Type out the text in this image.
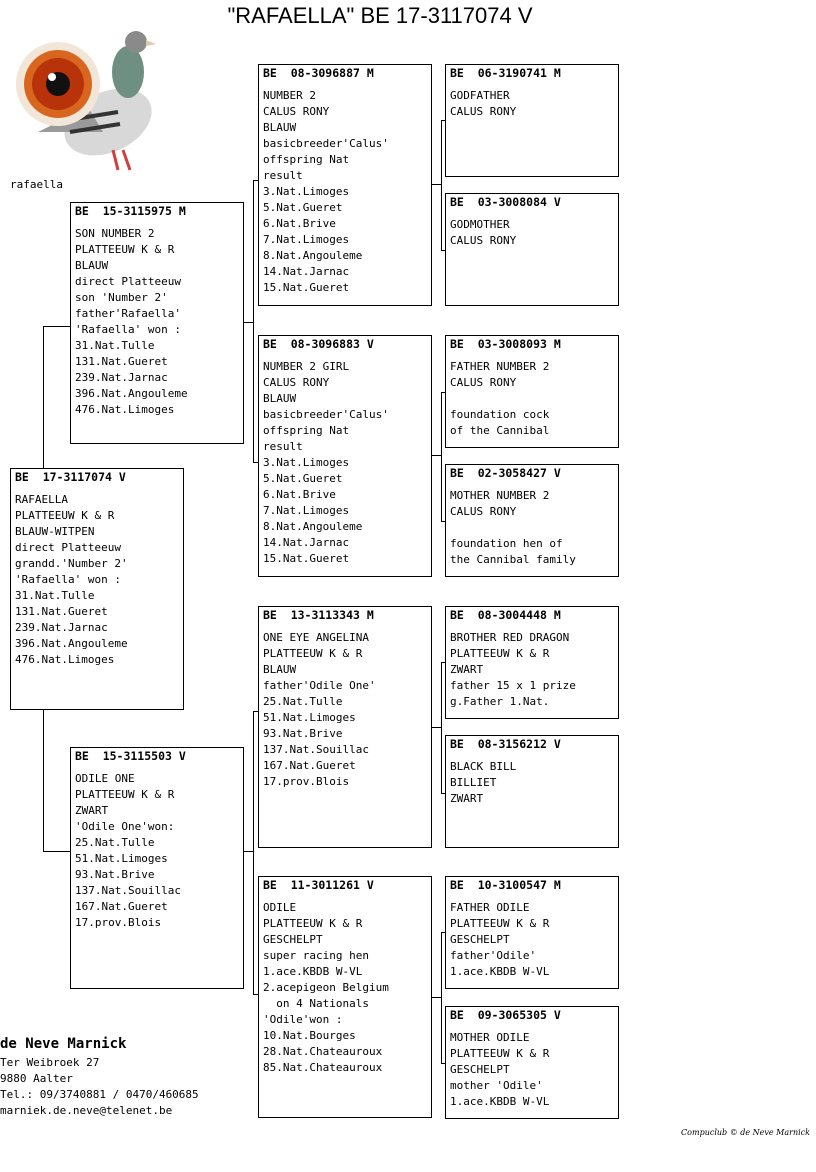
"RAFAELLA" BE 17-3117074 V
rafaella
BE  17-3117074 V
RAFAELLA
PLATTEEUW K & R
BLAUW-WITPEN
direct Platteeuw
grandd.'Number 2'
'Rafaella' won :
31.Nat.Tulle
131.Nat.Gueret
239.Nat.Jarnac
396.Nat.Angouleme
476.Nat.Limoges
BE  15-3115975 M
SON NUMBER 2
PLATTEEUW K & R
BLAUW
direct Platteeuw
son 'Number 2'
father'Rafaella'
'Rafaella' won :
31.Nat.Tulle
131.Nat.Gueret
239.Nat.Jarnac
396.Nat.Angouleme
476.Nat.Limoges
BE  15-3115503 V
ODILE ONE
PLATTEEUW K & R
ZWART
'Odile One'won:
25.Nat.Tulle
51.Nat.Limoges
93.Nat.Brive
137.Nat.Souillac
167.Nat.Gueret
17.prov.Blois
BE  08-3096887 M
NUMBER 2
CALUS RONY
BLAUW
basicbreeder'Calus'
offspring Nat
result
3.Nat.Limoges
5.Nat.Gueret
6.Nat.Brive
7.Nat.Limoges
8.Nat.Angouleme
14.Nat.Jarnac
15.Nat.Gueret
BE  08-3096883 V
NUMBER 2 GIRL
CALUS RONY
BLAUW
basicbreeder'Calus'
offspring Nat
result
3.Nat.Limoges
5.Nat.Gueret
6.Nat.Brive
7.Nat.Limoges
8.Nat.Angouleme
14.Nat.Jarnac
15.Nat.Gueret
BE  13-3113343 M
ONE EYE ANGELINA
PLATTEEUW K & R
BLAUW
father'Odile One'
25.Nat.Tulle
51.Nat.Limoges
93.Nat.Brive
137.Nat.Souillac
167.Nat.Gueret
17.prov.Blois
BE  11-3011261 V
ODILE
PLATTEEUW K & R
GESCHELPT
super racing hen
1.ace.KBDB W-VL
2.acepigeon Belgium
on 4 Nationals
'Odile'won :
10.Nat.Bourges
28.Nat.Chateauroux
85.Nat.Chateauroux
BE  06-3190741 M
GODFATHER
CALUS RONY
BE  03-3008084 V
GODMOTHER
CALUS RONY
BE  03-3008093 M
FATHER NUMBER 2
CALUS RONY
foundation cock
of the Cannibal
BE  02-3058427 V
MOTHER NUMBER 2
CALUS RONY
foundation hen of
the Cannibal family
BE  08-3004448 M
BROTHER RED DRAGON
PLATTEEUW K & R
ZWART
father 15 x 1 prize
g.Father 1.Nat.
BE  08-3156212 V
BLACK BILL
BILLIET
ZWART
BE  10-3100547 M
FATHER ODILE
PLATTEEUW K & R
GESCHELPT
father'Odile'
1.ace.KBDB W-VL
BE  09-3065305 V
MOTHER ODILE
PLATTEEUW K & R
GESCHELPT
mother 'Odile'
1.ace.KBDB W-VL
de Neve Marnick
Ter Weibroek 27
9880 Aalter
Tel.: 09/3740881 / 0470/460685
marniek.de.neve@telenet.be
Compuclub © de Neve Marnick
